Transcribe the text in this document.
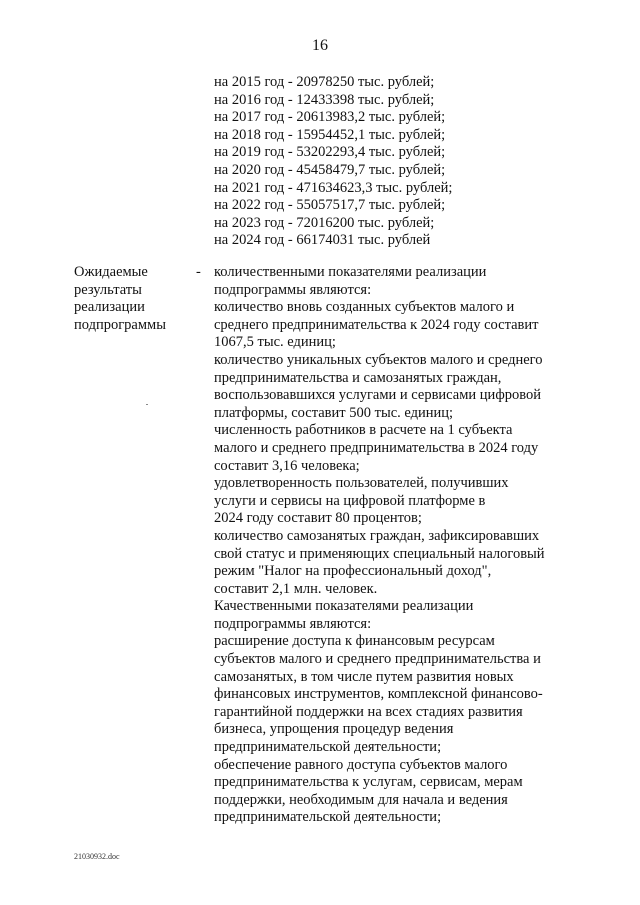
16
на 2015 год - 20978250 тыс. рублей;
на 2016 год - 12433398 тыс. рублей;
на 2017 год - 20613983,2 тыс. рублей;
на 2018 год - 15954452,1 тыс. рублей;
на 2019 год - 53202293,4 тыс. рублей;
на 2020 год - 45458479,7 тыс. рублей;
на 2021 год - 471634623,3 тыс. рублей;
на 2022 год - 55057517,7 тыс. рублей;
на 2023 год - 72016200 тыс. рублей;
на 2024 год - 66174031 тыс. рублей
Ожидаемые
результаты
реализации
подпрограммы
- количественными показателями реализации
подпрограммы являются:
количество вновь созданных субъектов малого и
среднего предпринимательства к 2024 году составит
1067,5 тыс. единиц;
количество уникальных субъектов малого и среднего
предпринимательства и самозанятых граждан,
воспользовавшихся услугами и сервисами цифровой
платформы, составит 500 тыс. единиц;
численность работников в расчете на 1 субъекта
малого и среднего предпринимательства в 2024 году
составит 3,16 человека;
удовлетворенность пользователей, получивших
услуги и сервисы на цифровой платформе в
2024 году составит 80 процентов;
количество самозанятых граждан, зафиксировавших
свой статус и применяющих специальный налоговый
режим "Налог на профессиональный доход",
составит 2,1 млн. человек.
Качественными показателями реализации
подпрограммы являются:
расширение доступа к финансовым ресурсам
субъектов малого и среднего предпринимательства и
самозанятых, в том числе путем развития новых
финансовых инструментов, комплексной финансово-
гарантийной поддержки на всех стадиях развития
бизнеса, упрощения процедур ведения
предпринимательской деятельности;
обеспечение равного доступа субъектов малого
предпринимательства к услугам, сервисам, мерам
поддержки, необходимым для начала и ведения
предпринимательской деятельности;
21030932.doc
